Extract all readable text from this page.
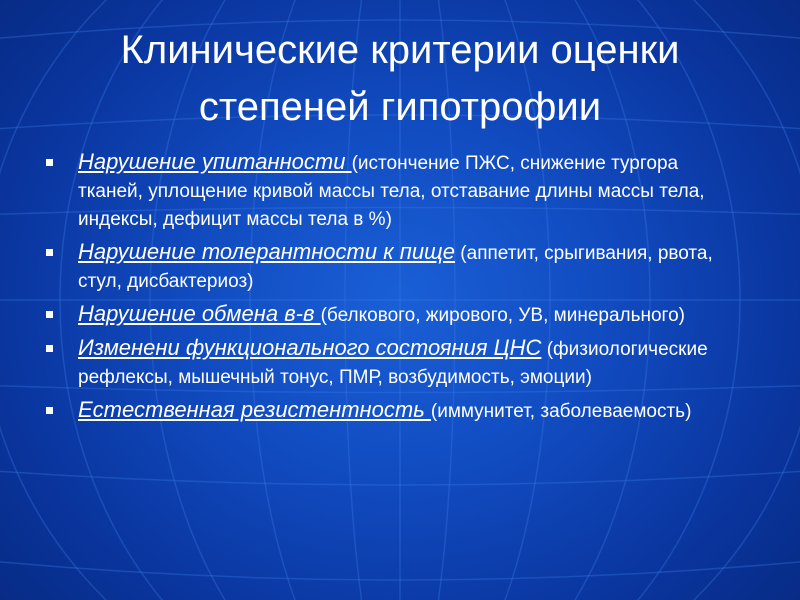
Клинические критерии оценки
степеней гипотрофии
Нарушение упитанности (истончение ПЖС, снижение тургора тканей, уплощение кривой массы тела, отставание длины массы тела, индексы, дефицит массы тела в %)
Нарушение толерантности к пище (аппетит, срыгивания, рвота, стул, дисбактериоз)
Нарушение обмена в-в (белкового, жирового, УВ, минерального)
Изменени функционального состояния ЦНС (физиологические рефлексы, мышечный тонус, ПМР, возбудимость, эмоции)
Естественная резистентность (иммунитет, заболеваемость)
